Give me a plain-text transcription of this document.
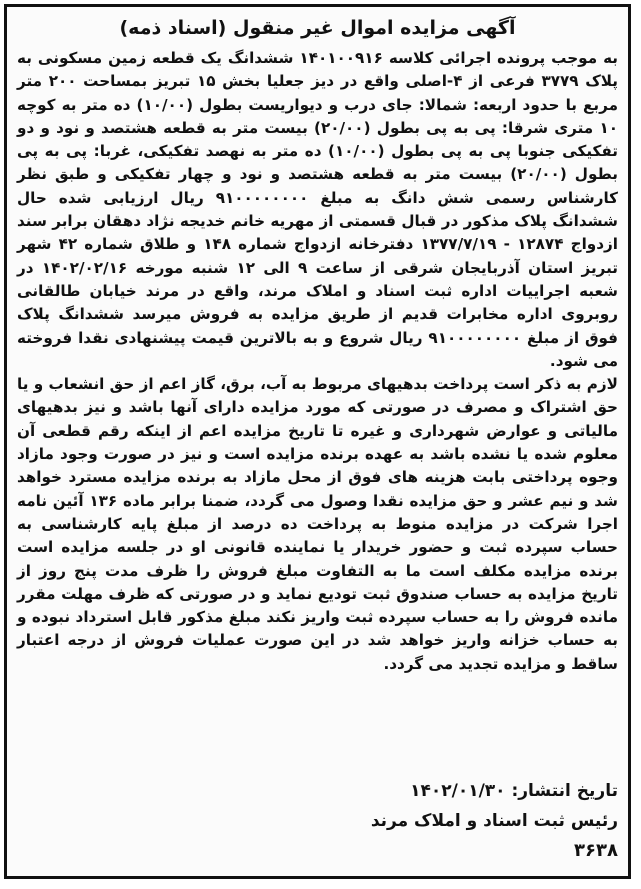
آگهی مزایده اموال غیر منقول (اسناد ذمه)

به موجب پرونده اجرائی کلاسه ۱۴۰۱۰۰۹۱۶ ششدانگ یک قطعه زمین مسکونی به پلاک ۳۷۷۹ فرعی از ۴-اصلی واقع در دیز جعلیا بخش ۱۵ تبریز بمساحت ۲۰۰ متر مربع با حدود اربعه: شمالا: جای درب و دیواریست بطول (۱۰/۰۰) ده متر به کوچه ۱۰ متری شرقا: پی به پی بطول (۲۰/۰۰) بیست متر به قطعه هشتصد و نود و دو تفکیکی جنوبا پی به پی بطول (۱۰/۰۰) ده متر به نهصد تفکیکی، غربا: پی به پی بطول (۲۰/۰۰) بیست متر به قطعه هشتصد و نود و چهار تفکیکی و طبق نظر کارشناس رسمی شش دانگ به مبلغ ۹۱۰۰۰۰۰۰۰۰ ریال ارزیابی شده حال ششدانگ پلاک مذکور در قبال قسمتی از مهریه خانم خدیجه نژاد دهقان برابر سند ازدواج ۱۲۸۷۴ - ۱۳۷۷/۷/۱۹ دفترخانه ازدواج شماره ۱۴۸ و طلاق شماره ۴۲ شهر تبریز استان آذربایجان شرقی از ساعت ۹ الی ۱۲ شنبه مورخه ۱۴۰۲/۰۲/۱۶ در شعبه اجراییات اداره ثبت اسناد و املاک مرند، واقع در مرند خیابان طالقانی روبروی اداره مخابرات قدیم از طریق مزایده به فروش میرسد ششدانگ پلاک فوق از مبلغ ۹۱۰۰۰۰۰۰۰۰ ریال شروع و به بالاترین قیمت پیشنهادی نقدا فروخته می شود.

لازم به ذکر است پرداخت بدهیهای مربوط به آب، برق، گاز اعم از حق انشعاب و یا حق اشتراک و مصرف در صورتی که مورد مزایده دارای آنها باشد و نیز بدهیهای مالیاتی و عوارض شهرداری و غیره تا تاریخ مزایده اعم از اینکه رقم قطعی آن معلوم شده یا نشده باشد به عهده برنده مزایده است و نیز در صورت وجود مازاد وجوه پرداختی بابت هزینه های فوق از محل مازاد به برنده مزایده مسترد خواهد شد و نیم عشر و حق مزایده نقدا وصول می گردد، ضمنا برابر ماده ۱۳۶ آئین نامه اجرا شرکت در مزایده منوط به پرداخت ده درصد از مبلغ پایه کارشناسی به حساب سپرده ثبت و حضور خریدار یا نماینده قانونی او در جلسه مزایده است برنده مزایده مکلف است ما به التفاوت مبلغ فروش را ظرف مدت پنج روز از تاریخ مزایده به حساب صندوق ثبت تودیع نماید و در صورتی که ظرف مهلت مقرر مانده فروش را به حساب سپرده ثبت واریز نکند مبلغ مذکور قابل استرداد نبوده و به حساب خزانه واریز خواهد شد در این صورت عملیات فروش از درجه اعتبار ساقط و مزایده تجدید می گردد.

تاریخ انتشار: ۱۴۰۲/۰۱/۳۰
رئیس ثبت اسناد و املاک مرند
۳۶۳۸
